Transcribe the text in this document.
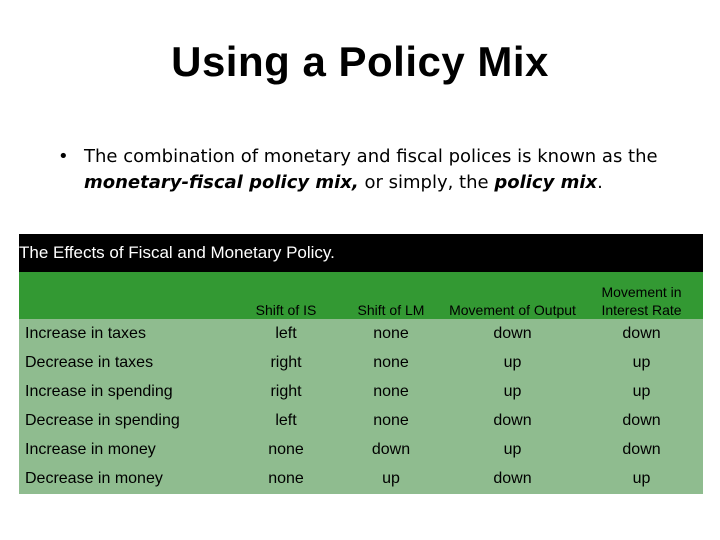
Using a Policy Mix
• The combination of monetary and fiscal polices is known as the monetary-fiscal policy mix, or simply, the policy mix.
The Effects of Fiscal and Monetary Policy.				
	Shift of IS	Shift of LM	Movement of Output	Movement in Interest Rate
Increase in taxes	left	none	down	down
Decrease in taxes	right	none	up	up
Increase in spending	right	none	up	up
Decrease in spending	left	none	down	down
Increase in money	none	down	up	down
Decrease in money	none	up	down	up
